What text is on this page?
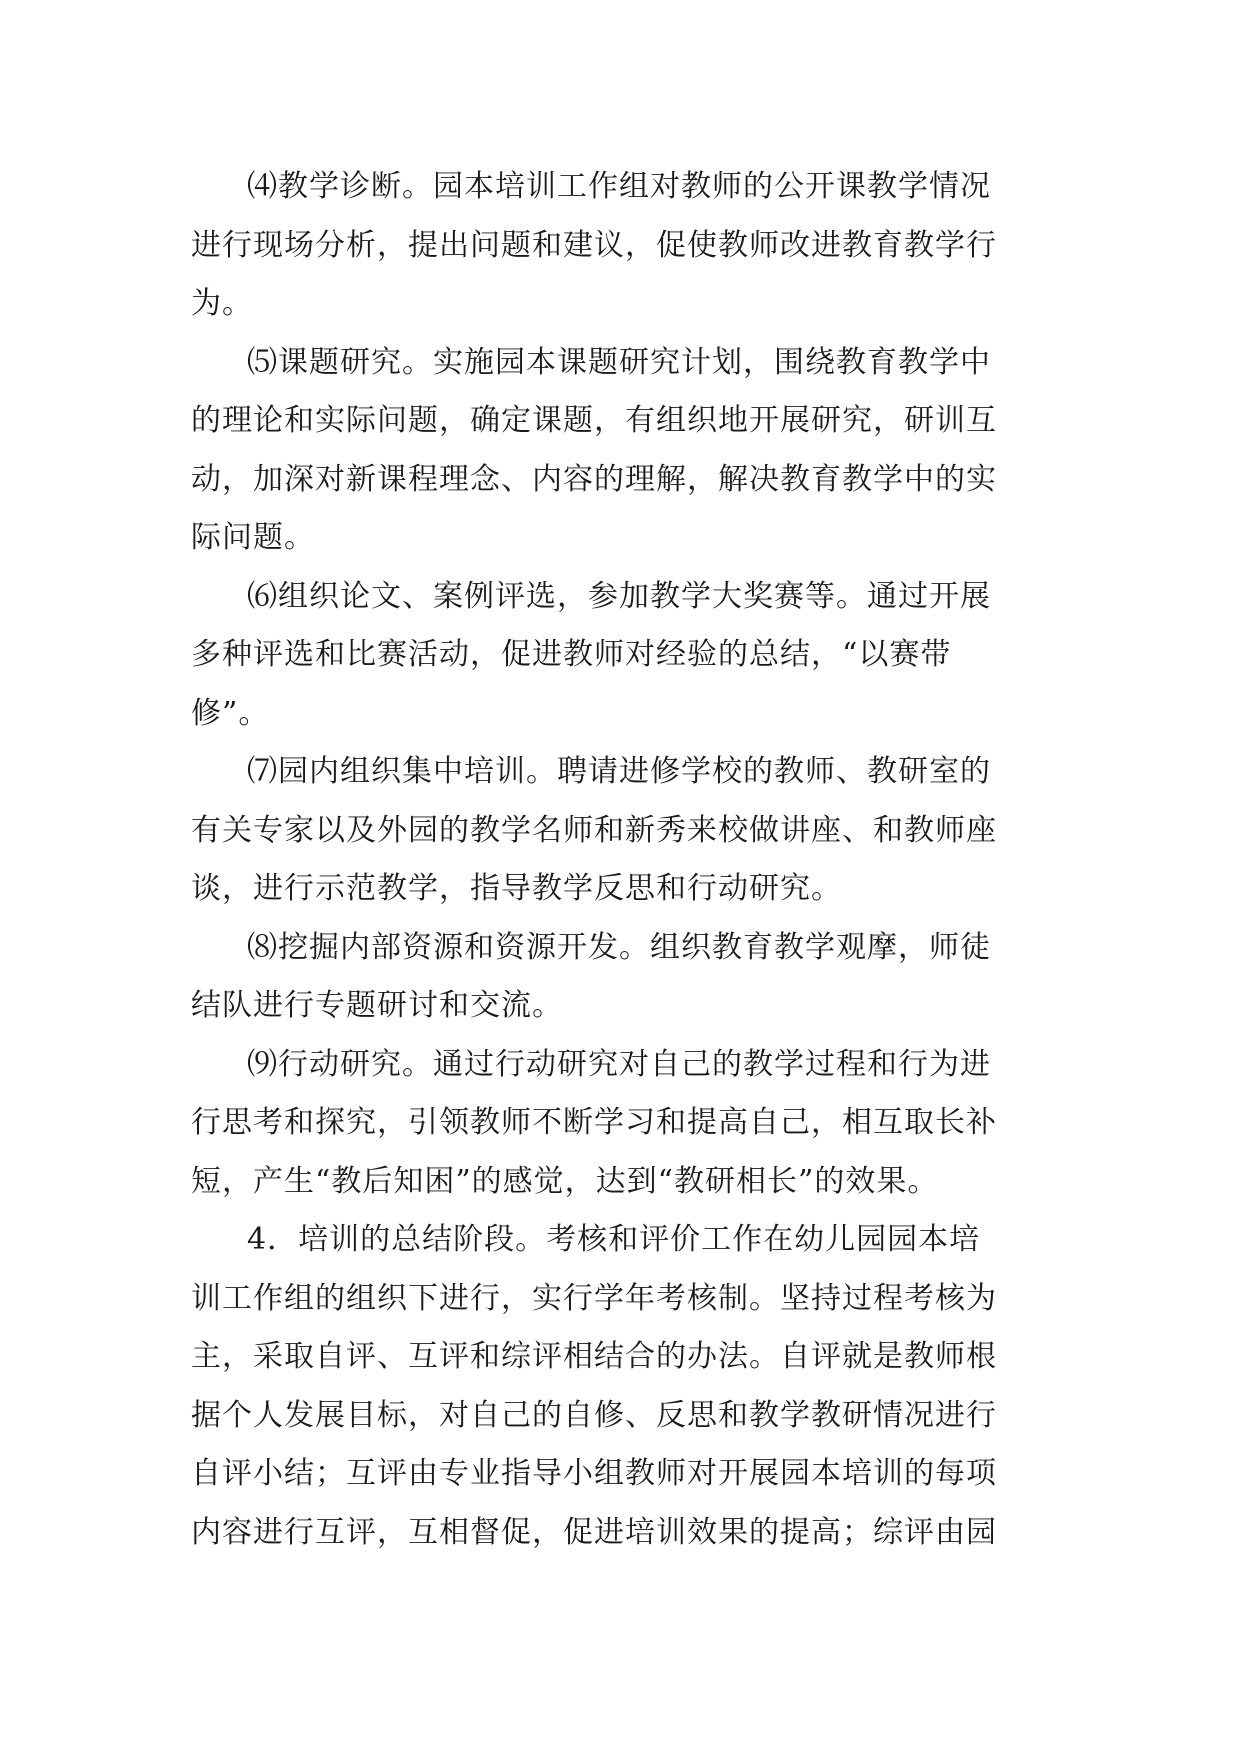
⑷教学诊断。园本培训工作组对教师的公开课教学情况
进行现场分析，提出问题和建议，促使教师改进教育教学行
为。
⑸课题研究。实施园本课题研究计划，围绕教育教学中
的理论和实际问题，确定课题，有组织地开展研究，研训互
动，加深对新课程理念、内容的理解，解决教育教学中的实
际问题。
⑹组织论文、案例评选，参加教学大奖赛等。通过开展
多种评选和比赛活动，促进教师对经验的总结，“以赛带
修”。
⑺园内组织集中培训。聘请进修学校的教师、教研室的
有关专家以及外园的教学名师和新秀来校做讲座、和教师座
谈，进行示范教学，指导教学反思和行动研究。
⑻挖掘内部资源和资源开发。组织教育教学观摩，师徒
结队进行专题研讨和交流。
⑼行动研究。通过行动研究对自己的教学过程和行为进
行思考和探究，引领教师不断学习和提高自己，相互取长补
短，产生“教后知困”的感觉，达到“教研相长”的效果。
4．培训的总结阶段。考核和评价工作在幼儿园园本培
训工作组的组织下进行，实行学年考核制。坚持过程考核为
主，采取自评、互评和综评相结合的办法。自评就是教师根
据个人发展目标，对自己的自修、反思和教学教研情况进行
自评小结；互评由专业指导小组教师对开展园本培训的每项
内容进行互评，互相督促，促进培训效果的提高；综评由园
